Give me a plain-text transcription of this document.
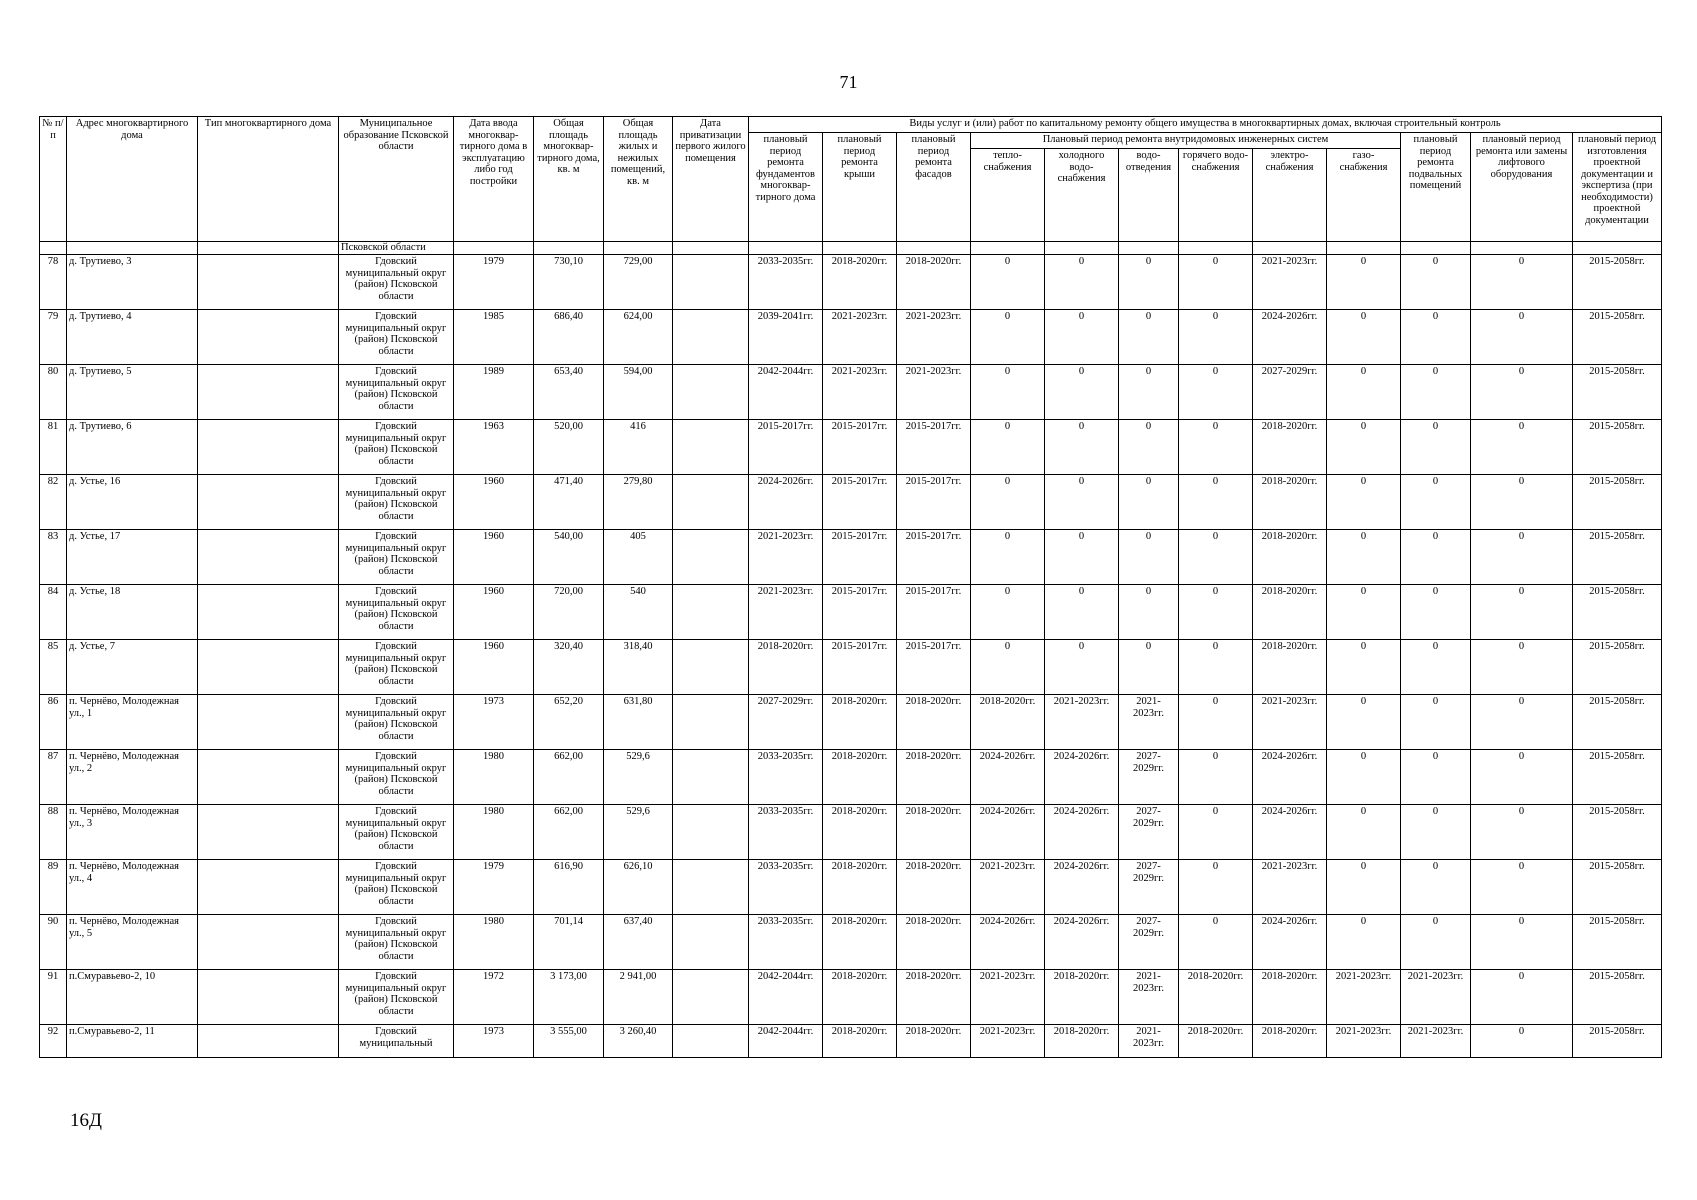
71
№ п/п	Адрес многоквартирного дома	Тип многоквартирного дома	Муниципальное образование Псковской области	Дата ввода многоквар-тирного дома в эксплуатацию либо год постройки	Общая площадь многоквар-тирного дома, кв. м	Общая площадь жилых и нежилых помещений, кв. м	Дата приватизации первого жилого помещения	Виды услуг и (или) работ по капитальному ремонту общего имущества в многоквартирных домах, включая строительный контроль											
								плановый период ремонта фундаментов многоквар-тирного дома	плановый период ремонта крыши	плановый период ремонта фасадов	Плановый период ремонта внутридомовых инженерных систем						плановый период ремонта подвальных помещений	плановый период ремонта или замены лифтового оборудования	плановый период изготовления проектной документации и экспертиза (при необходимости) проектной документации
											тепло-снабжения	холодного водо-снабжения	водо-отведения	горячего водо-снабжения	электро-снабжения	газо-снабжения			
			Псковской области																
78	д. Трутиево, 3		Гдовский муниципальный округ (район) Псковской области	1979	730,10	729,00		2033-2035гг.	2018-2020гг.	2018-2020гг.	0	0	0	0	2021-2023гг.	0	0	0	2015-2058гг.
79	д. Трутиево, 4		Гдовский муниципальный округ (район) Псковской области	1985	686,40	624,00		2039-2041гг.	2021-2023гг.	2021-2023гг.	0	0	0	0	2024-2026гг.	0	0	0	2015-2058гг.
80	д. Трутиево, 5		Гдовский муниципальный округ (район) Псковской области	1989	653,40	594,00		2042-2044гг.	2021-2023гг.	2021-2023гг.	0	0	0	0	2027-2029гг.	0	0	0	2015-2058гг.
81	д. Трутиево, 6		Гдовский муниципальный округ (район) Псковской области	1963	520,00	416		2015-2017гг.	2015-2017гг.	2015-2017гг.	0	0	0	0	2018-2020гг.	0	0	0	2015-2058гг.
82	д. Устье, 16		Гдовский муниципальный округ (район) Псковской области	1960	471,40	279,80		2024-2026гг.	2015-2017гг.	2015-2017гг.	0	0	0	0	2018-2020гг.	0	0	0	2015-2058гг.
83	д. Устье, 17		Гдовский муниципальный округ (район) Псковской области	1960	540,00	405		2021-2023гг.	2015-2017гг.	2015-2017гг.	0	0	0	0	2018-2020гг.	0	0	0	2015-2058гг.
84	д. Устье, 18		Гдовский муниципальный округ (район) Псковской области	1960	720,00	540		2021-2023гг.	2015-2017гг.	2015-2017гг.	0	0	0	0	2018-2020гг.	0	0	0	2015-2058гг.
85	д. Устье, 7		Гдовский муниципальный округ (район) Псковской области	1960	320,40	318,40		2018-2020гг.	2015-2017гг.	2015-2017гг.	0	0	0	0	2018-2020гг.	0	0	0	2015-2058гг.
86	п. Чернёво, Молодежная ул., 1		Гдовский муниципальный округ (район) Псковской области	1973	652,20	631,80		2027-2029гг.	2018-2020гг.	2018-2020гг.	2018-2020гг.	2021-2023гг.	2021-2023гг.	0	2021-2023гг.	0	0	0	2015-2058гг.
87	п. Чернёво, Молодежная ул., 2		Гдовский муниципальный округ (район) Псковской области	1980	662,00	529,6		2033-2035гг.	2018-2020гг.	2018-2020гг.	2024-2026гг.	2024-2026гг.	2027-2029гг.	0	2024-2026гг.	0	0	0	2015-2058гг.
88	п. Чернёво, Молодежная ул., 3		Гдовский муниципальный округ (район) Псковской области	1980	662,00	529,6		2033-2035гг.	2018-2020гг.	2018-2020гг.	2024-2026гг.	2024-2026гг.	2027-2029гг.	0	2024-2026гг.	0	0	0	2015-2058гг.
89	п. Чернёво, Молодежная ул., 4		Гдовский муниципальный округ (район) Псковской области	1979	616,90	626,10		2033-2035гг.	2018-2020гг.	2018-2020гг.	2021-2023гг.	2024-2026гг.	2027-2029гг.	0	2021-2023гг.	0	0	0	2015-2058гг.
90	п. Чернёво, Молодежная ул., 5		Гдовский муниципальный округ (район) Псковской области	1980	701,14	637,40		2033-2035гг.	2018-2020гг.	2018-2020гг.	2024-2026гг.	2024-2026гг.	2027-2029гг.	0	2024-2026гг.	0	0	0	2015-2058гг.
91	п.Смуравьево-2, 10		Гдовский муниципальный округ (район) Псковской области	1972	3 173,00	2 941,00		2042-2044гг.	2018-2020гг.	2018-2020гг.	2021-2023гг.	2018-2020гг.	2021-2023гг.	2018-2020гг.	2018-2020гг.	2021-2023гг.	2021-2023гг.	0	2015-2058гг.
92	п.Смуравьево-2, 11		Гдовский муниципальный	1973	3 555,00	3 260,40		2042-2044гг.	2018-2020гг.	2018-2020гг.	2021-2023гг.	2018-2020гг.	2021-2023гг.	2018-2020гг.	2018-2020гг.	2021-2023гг.	2021-2023гг.	0	2015-2058гг.
16Д
